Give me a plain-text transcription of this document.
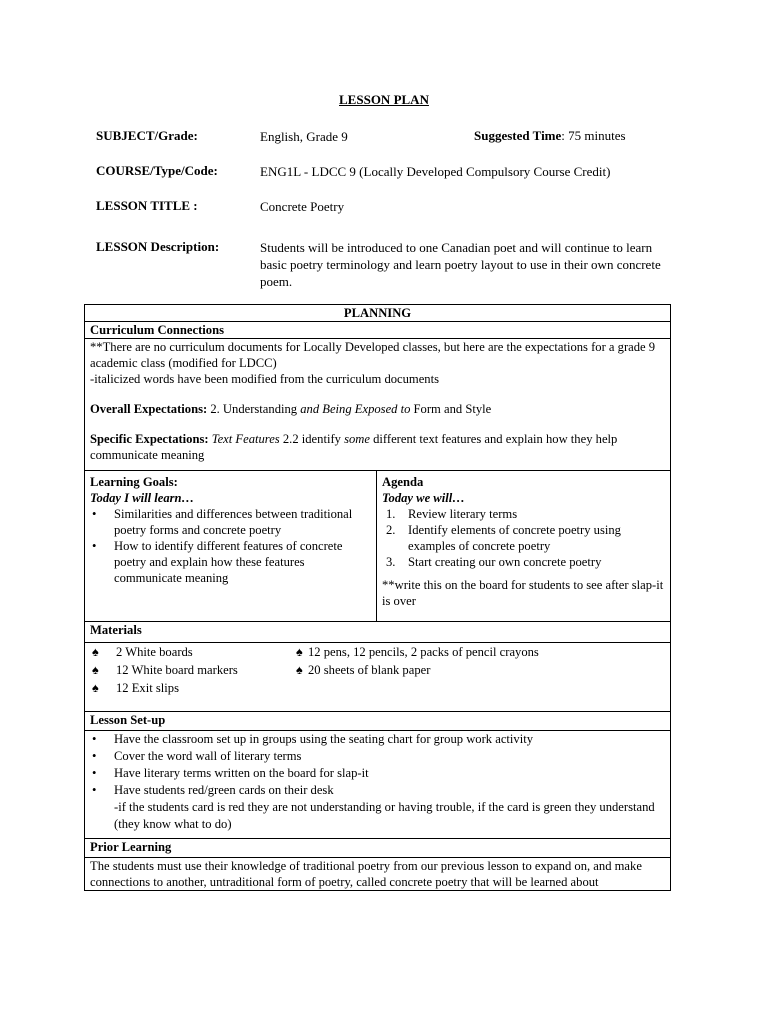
LESSON PLAN
SUBJECT/Grade:	English, Grade 9	Suggested Time: 75 minutes
COURSE/Type/Code:	ENG1L - LDCC 9 (Locally Developed Compulsory Course Credit)
LESSON TITLE :	Concrete Poetry
LESSON Description:	Students will be introduced to one Canadian poet and will continue to learn basic poetry terminology and learn poetry layout to use in their own concrete poem.
PLANNING
Curriculum Connections

**There are no curriculum documents for Locally Developed classes, but here are the expectations for a grade 9 academic class (modified for LDCC)
-italicized words have been modified from the curriculum documents
Overall Expectations: 2. Understanding and Being Exposed to Form and Style
Specific Expectations: Text Features 2.2 identify some different text features and explain how they help communicate meaning

Learning Goals:
Today I will learn…
• Similarities and differences between traditional poetry forms and concrete poetry
• How to identify different features of concrete poetry and explain how these features communicate meaning

Agenda
Today we will…
1. Review literary terms
2. Identify elements of concrete poetry using examples of concrete poetry
3. Start creating our own concrete poetry
**write this on the board for students to see after slap-it is over

Materials

♠ 2 White boards	♠ 12 pens, 12 pencils, 2 packs of pencil crayons
♠ 12 White board markers	♠ 20 sheets of blank paper
♠ 12 Exit slips

Lesson Set-up

• Have the classroom set up in groups using the seating chart for group work activity
• Cover the word wall of literary terms
• Have literary terms written on the board for slap-it
• Have students red/green cards on their desk
-if the students card is red they are not understanding or having trouble, if the card is green they understand (they know what to do)

Prior Learning

The students must use their knowledge of traditional poetry from our previous lesson to expand on, and make connections to another, untraditional form of poetry, called concrete poetry that will be learned about
